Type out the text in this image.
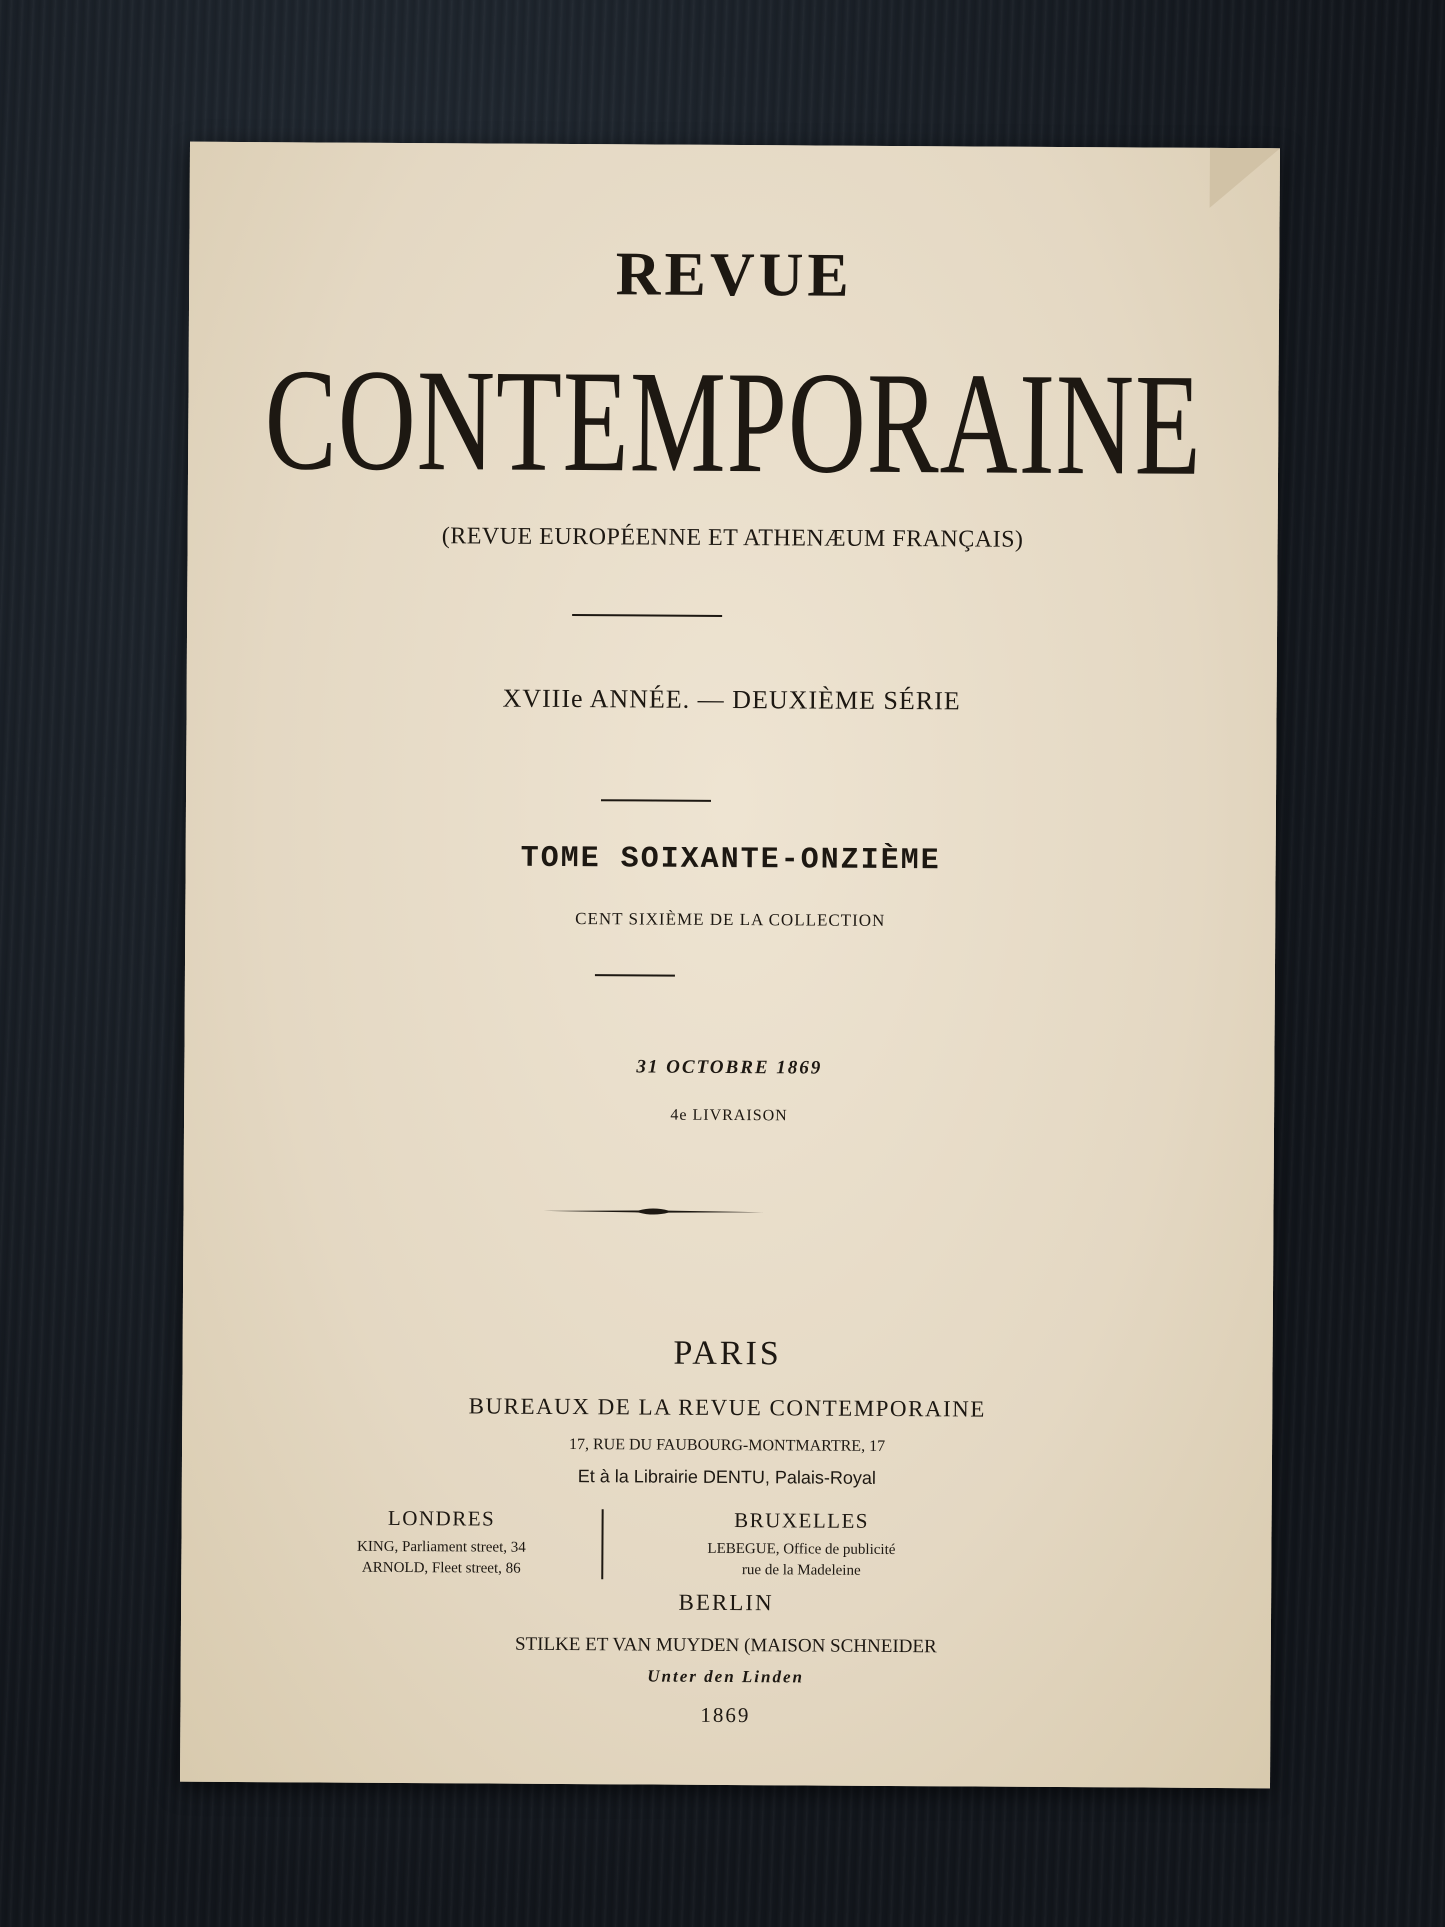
REVUE
CONTEMPORAINE
(REVUE EUROPÉENNE ET ATHENÆUM FRANÇAIS)
XVIIIe ANNÉE. — DEUXIÈME SÉRIE
TOME SOIXANTE-ONZIÈME
CENT SIXIÈME DE LA COLLECTION
31 OCTOBRE 1869
4e LIVRAISON
PARIS
BUREAUX DE LA REVUE CONTEMPORAINE
17, RUE DU FAUBOURG-MONTMARTRE, 17
Et à la Librairie DENTU, Palais-Royal
LONDRES
KING, Parliament street, 34
ARNOLD, Fleet street, 86
BRUXELLES
LEBEGUE, Office de publicité
rue de la Madeleine
BERLIN
STILKE ET VAN MUYDEN (MAISON SCHNEIDER
Unter den Linden
1869
